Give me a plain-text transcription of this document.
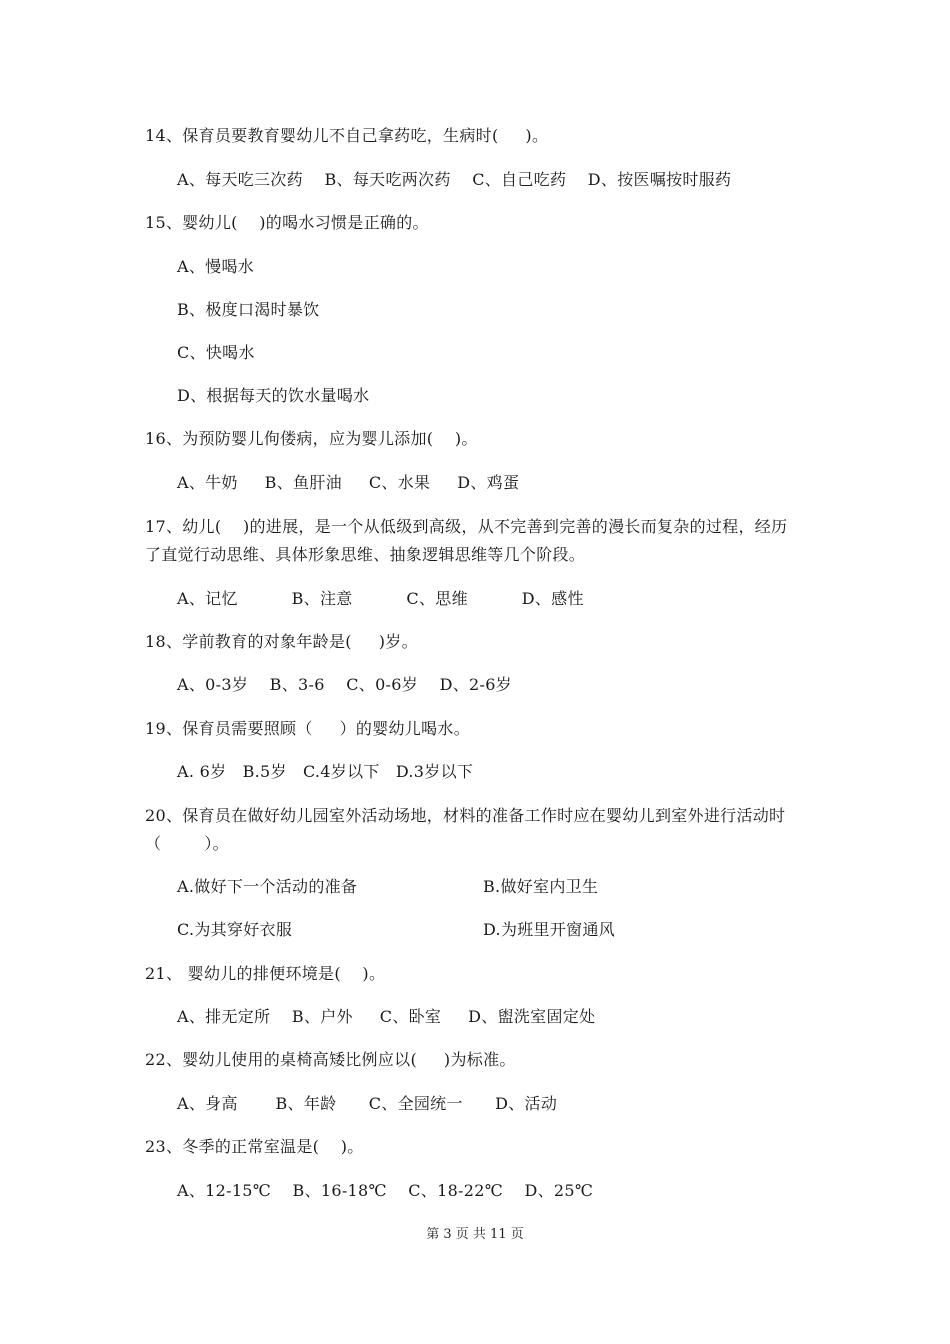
14、保育员要教育婴幼儿不自己拿药吃，生病时(     )。
A、每天吃三次药    B、每天吃两次药    C、自己吃药    D、按医嘱按时服药
15、婴幼儿(    )的喝水习惯是正确的。
A、慢喝水
B、极度口渴时暴饮
C、快喝水
D、根据每天的饮水量喝水
16、为预防婴儿佝偻病，应为婴儿添加(    )。
A、牛奶     B、鱼肝油     C、水果     D、鸡蛋
17、幼儿(    )的进展，是一个从低级到高级，从不完善到完善的漫长而复杂的过程，经历
了直觉行动思维、具体形象思维、抽象逻辑思维等几个阶段。
A、记忆          B、注意          C、思维          D、感性
18、学前教育的对象年龄是(     )岁。
A、0-3岁    B、3-6    C、0-6岁    D、2-6岁
19、保育员需要照顾（     ）的婴幼儿喝水。
A. 6岁   B.5岁   C.4岁以下   D.3岁以下
20、保育员在做好幼儿园室外活动场地，材料的准备工作时应在婴幼儿到室外进行活动时
（        ）。
A.做好下一个活动的准备	B.做好室内卫生
C.为其穿好衣服	D.为班里开窗通风
21、 婴幼儿的排便环境是(    )。
A、排无定所    B、户外     C、卧室     D、盥洗室固定处
22、婴幼儿使用的桌椅高矮比例应以(     )为标准。
A、身高       B、年龄      C、全园统一      D、活动
23、冬季的正常室温是(    )。
A、12-15℃    B、16-18℃    C、18-22℃    D、25℃
第 3 页 共 11 页
